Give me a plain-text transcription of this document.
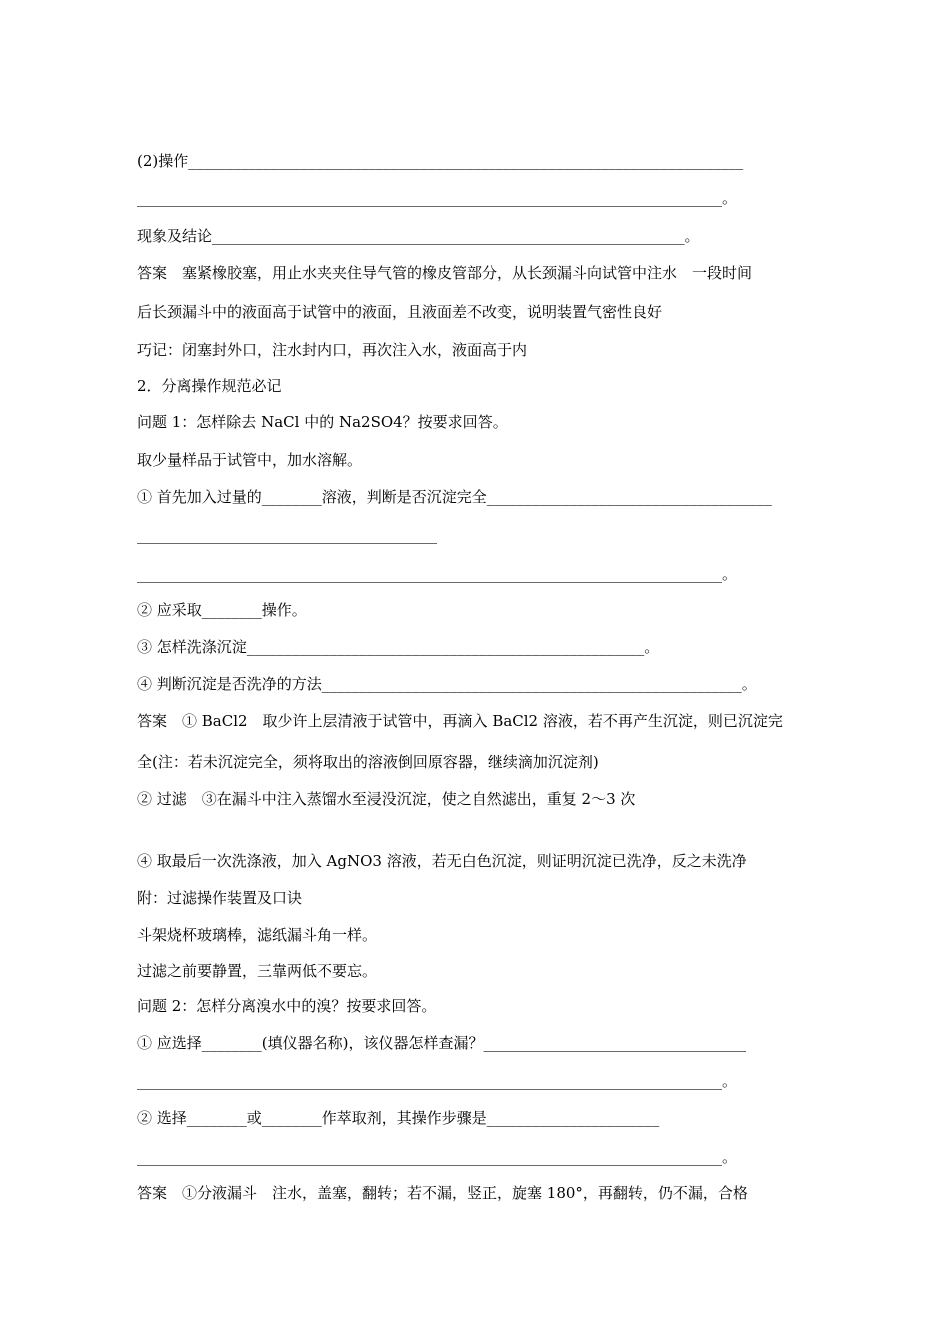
(2)操作__________________________________________________________________________
______________________________________________________________________________。
现象及结论_______________________________________________________________。
答案　塞紧橡胶塞，用止水夹夹住导气管的橡皮管部分，从长颈漏斗向试管中注水　一段时间
后长颈漏斗中的液面高于试管中的液面，且液面差不改变，说明装置气密性良好
巧记：闭塞封外口，注水封内口，再次注入水，液面高于内
2．分离操作规范必记
问题 1：怎样除去 NaCl 中的 Na2SO4？按要求回答。
取少量样品于试管中，加水溶解。
① 首先加入过量的________溶液，判断是否沉淀完全______________________________________
________________________________________
______________________________________________________________________________。
② 应采取________操作。
③ 怎样洗涤沉淀_____________________________________________________。
④ 判断沉淀是否洗净的方法________________________________________________________。
答案　① BaCl2　取少许上层清液于试管中，再滴入 BaCl2 溶液，若不再产生沉淀，则已沉淀完
全(注：若未沉淀完全，须将取出的溶液倒回原容器，继续滴加沉淀剂)
② 过滤　③在漏斗中注入蒸馏水至浸没沉淀，使之自然滤出，重复 2～3 次
④ 取最后一次洗涤液，加入 AgNO3 溶液，若无白色沉淀，则证明沉淀已洗净，反之未洗净
附：过滤操作装置及口诀
斗架烧杯玻璃棒，滤纸漏斗角一样。
过滤之前要静置，三靠两低不要忘。
问题 2：怎样分离溴水中的溴？按要求回答。
① 应选择________(填仪器名称)，该仪器怎样查漏？___________________________________
______________________________________________________________________________。
② 选择________或________作萃取剂，其操作步骤是_______________________
______________________________________________________________________________。
答案　①分液漏斗　注水，盖塞，翻转；若不漏，竖正，旋塞 180°，再翻转，仍不漏，合格
